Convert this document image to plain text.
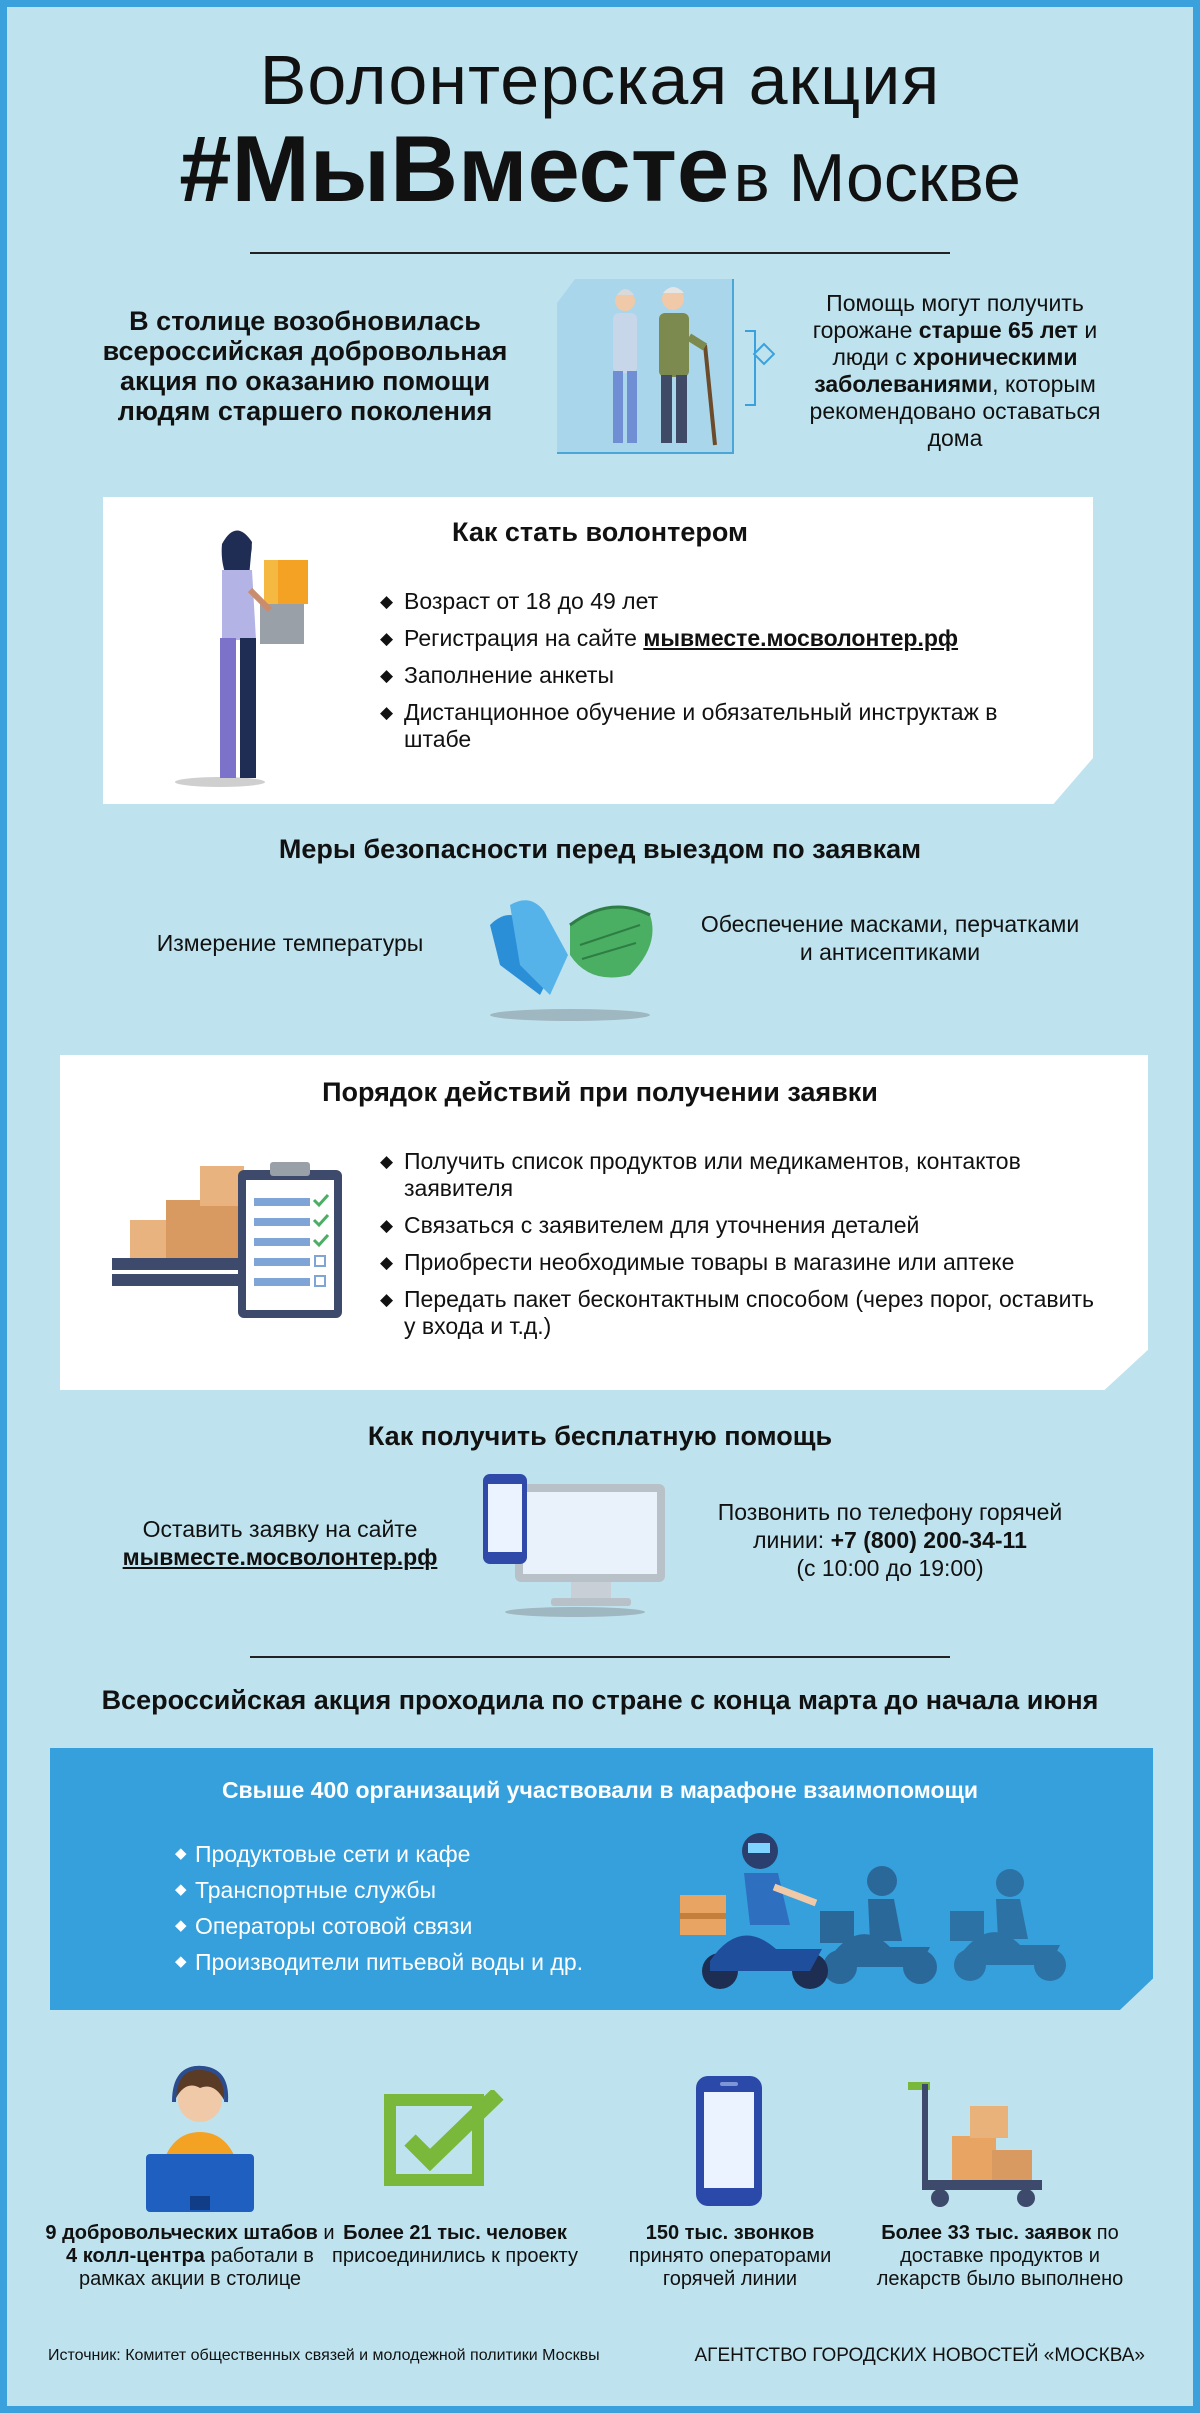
Волонтерская акция
#МыВместе в Москве
В столице возобновилась всероссийская добровольная акция по оказанию помощи людям старшего поколения
Помощь могут получить горожане старше 65 лет и люди с хроническими заболеваниями, которым рекомендовано оставаться дома
Как стать волонтером
◆ Возраст от 18 до 49 лет
◆ Регистрация на сайте мывместе.мосволонтер.рф
◆ Заполнение анкеты
◆ Дистанционное обучение и обязательный инструктаж в штабе
Меры безопасности перед выездом по заявкам
Измерение температуры
Обеспечение масками, перчатками и антисептиками
Порядок действий при получении заявки
◆ Получить список продуктов или медикаментов, контактов заявителя
◆ Связаться с заявителем для уточнения деталей
◆ Приобрести необходимые товары в магазине или аптеке
◆ Передать пакет бесконтактным способом (через порог, оставить у входа и т.д.)
Как получить бесплатную помощь
Оставить заявку на сайте
мывместе.мосволонтер.рф
Позвонить по телефону горячей линии: +7 (800) 200-34-11
(с 10:00 до 19:00)
Всероссийская акция проходила по стране с конца марта до начала июня
Свыше 400 организаций участвовали в марафоне взаимопомощи
◆ Продуктовые сети и кафе
◆ Транспортные службы
◆ Операторы сотовой связи
◆ Производители питьевой воды и др.
9 добровольческих штабов и 4 колл-центра работали в рамках акции в столице
Более 21 тыс. человек присоединились к проекту
150 тыс. звонков принято операторами горячей линии
Более 33 тыс. заявок по доставке продуктов и лекарств было выполнено
Источник: Комитет общественных связей и молодежной политики Москвы	АГЕНТСТВО ГОРОДСКИХ НОВОСТЕЙ «МОСКВА»
